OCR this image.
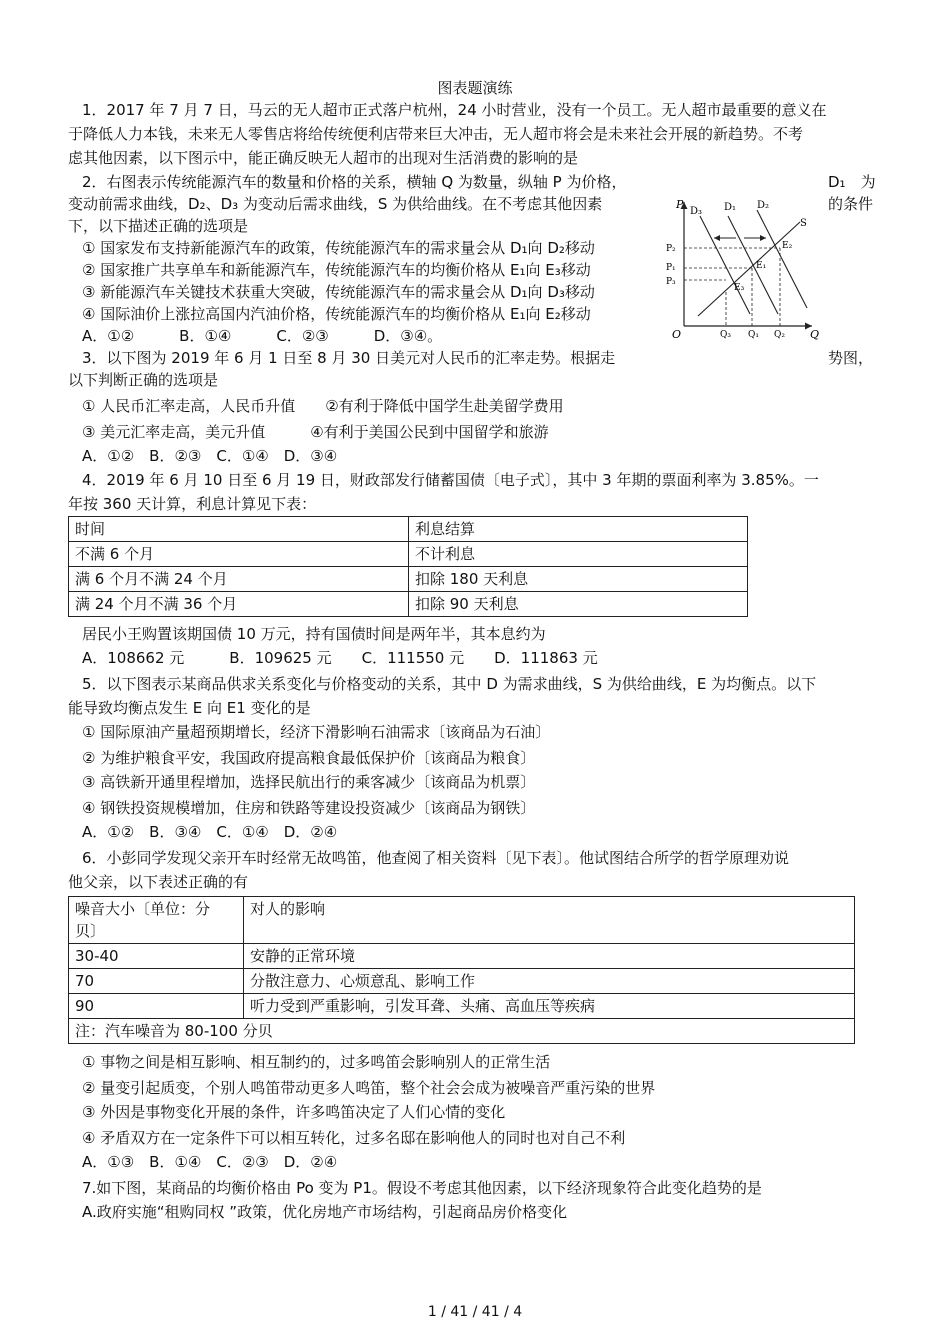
图表题演练
1．2017 年 7 月 7 日，马云的无人超市正式落户杭州，24 小时营业，没有一个员工。无人超市最重要的意义在
于降低人力本钱，未来无人零售店将给传统便利店带来巨大冲击，无人超市将会是未来社会开展的新趋势。不考
虑其他因素，以下图示中，能正确反映无人超市的出现对生活消费的影响的是
2．右图表示传统能源汽车的数量和价格的关系，横轴 Q 为数量，纵轴 P 为价格，	D₁　为
变动前需求曲线，D₂、D₃ 为变动后需求曲线，S 为供给曲线。在不考虑其他因素	的条件
下，以下描述正确的选项是
① 国家发布支持新能源汽车的政策，传统能源汽车的需求量会从 D₁向 D₂移动
② 国家推广共享单车和新能源汽车，传统能源汽车的均衡价格从 E₁向 E₃移动
③ 新能源汽车关键技术获重大突破，传统能源汽车的需求量会从 D₁向 D₃移动
④ 国际油价上涨拉高国内汽油价格，传统能源汽车的均衡价格从 E₁向 E₂移动
A．①②　　　B．①④　　　C．②③　　　D．③④。
P
Q
O
D₃ D₁ D₂
S
P₂
P₁
P₃
E₂
E₁
E₃
Q₃ Q₁ Q₂
3．以下图为 2019 年 6 月 1 日至 8 月 30 日美元对人民币的汇率走势。根据走	势图，
以下判断正确的选项是
① 人民币汇率走高，人民币升值　　②有利于降低中国学生赴美留学费用
③ 美元汇率走高，美元升值　　　④有利于美国公民到中国留学和旅游
A．①②　B．②③　C．①④　D．③④
4．2019 年 6 月 10 日至 6 月 19 日，财政部发行储蓄国债〔电子式〕，其中 3 年期的票面利率为 3.85%。一
年按 360 天计算，利息计算见下表：
时间	利息结算
不满 6 个月	不计利息
满 6 个月不满 24 个月	扣除 180 天利息
满 24 个月不满 36 个月	扣除 90 天利息
居民小王购置该期国债 10 万元，持有国债时间是两年半，其本息约为
A．108662 元　　　B．109625 元　　C．111550 元　　D．111863 元
5．以下图表示某商品供求关系变化与价格变动的关系，其中 D 为需求曲线，S 为供给曲线，E 为均衡点。以下
能导致均衡点发生 E 向 E1 变化的是
① 国际原油产量超预期增长，经济下滑影响石油需求〔该商品为石油〕
② 为维护粮食平安，我国政府提高粮食最低保护价〔该商品为粮食〕
③ 高铁新开通里程增加，选择民航出行的乘客减少〔该商品为机票〕
④ 钢铁投资规模增加，住房和铁路等建设投资减少〔该商品为钢铁〕
A．①②　B．③④　C．①④　D．②④
6．小彭同学发现父亲开车时经常无故鸣笛，他查阅了相关资料〔见下表〕。他试图结合所学的哲学原理劝说
他父亲，以下表述正确的有
噪音大小〔单位：分
贝〕	对人的影响
30-40	安静的正常环境
70	分散注意力、心烦意乱、影响工作
90	听力受到严重影响，引发耳聋、头痛、高血压等疾病
注：汽车噪音为 80-100 分贝	
① 事物之间是相互影响、相互制约的，过多鸣笛会影响别人的正常生活
② 量变引起质变，个别人鸣笛带动更多人鸣笛，整个社会会成为被噪音严重污染的世界
③ 外因是事物变化开展的条件，许多鸣笛决定了人们心情的变化
④ 矛盾双方在一定条件下可以相互转化，过多名邸在影响他人的同时也对自己不利
A．①③　B．①④　C．②③　D．②④
7.如下图，某商品的均衡价格由 Po 变为 P1。假设不考虑其他因素，以下经济现象符合此变化趋势的是
A.政府实施“租购同权 ”政策，优化房地产市场结构，引起商品房价格变化
1 / 41 / 41 / 4
